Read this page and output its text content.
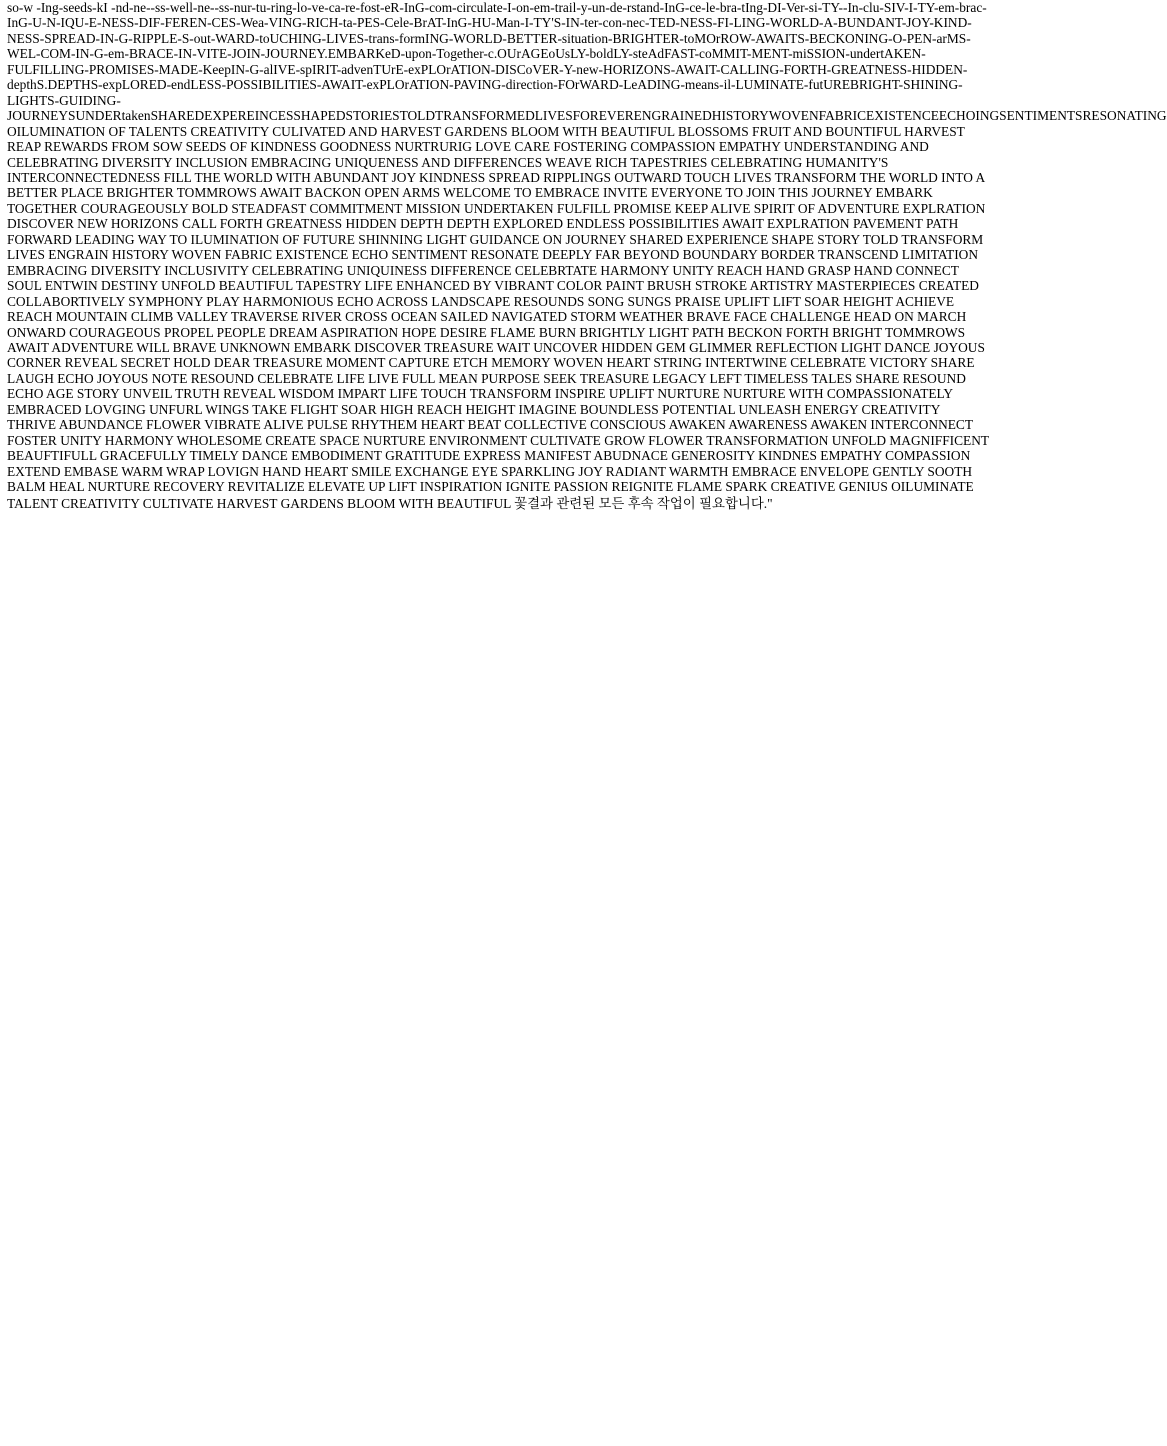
so-w -Ing-seeds-kI -nd-ne--ss-well-ne--ss-nur-tu-ring-lo-ve-ca-re-fost-eR-InG-com-circulate-I-on-em-trail-y-un-de-rstand-InG-ce-le-bra-tIng-DI-Ver-si-TY--In-clu-SIV-I-TY-em-brac-
InG-U-N-IQU-E-NESS-DIF-FEREN-CES-Wea-VING-RICH-ta-PES-Cele-BrAT-InG-HU-Man-I-TY'S-IN-ter-con-nec-TED-NESS-FI-LING-WORLD-A-BUNDANT-JOY-KIND-
NESS-SPREAD-IN-G-RIPPLE-S-out-WARD-toUCHING-LIVES-trans-formING-WORLD-BETTER-situation-BRIGHTER-toMOrROW-AWAITS-BECKONING-O-PEN-arMS-
WEL-COM-IN-G-em-BRACE-IN-VITE-JOIN-JOURNEY.EMBARKeD-upon-Together-c.OUrAGEoUsLY-boldLY-steAdFAST-coMMIT-MENT-miSSION-undertAKEN-
FULFILLING-PROMISES-MADE-KeepIN-G-alIVE-spIRIT-advenTUrE-exPLOrATION-DISCoVER-Y-new-HORIZONS-AWAIT-CALLING-FORTH-GREATNESS-HIDDEN-
depthS.DEPTHS-expLORED-endLESS-POSSIBILITIES-AWAIT-exPLOrATION-PAVING-direction-FOrWARD-LeADING-means-il-LUMINATE-futUREBRIGHT-SHINING-
LIGHTS-GUIDING-
JOURNEYSUNDERtakenSHAREDEXPEREINCESSHAPEDSTORIESTOLDTRANSFORMEDLIVESFOREVERENGRAINEDHISTORYWOVENFABRICEXISTENCEECHOINGSENTIMENTSRESONATING
OILUMINATION OF TALENTS CREATIVITY CULIVATED AND HARVEST GARDENS BLOOM WITH BEAUTIFUL BLOSSOMS FRUIT AND BOUNTIFUL HARVEST
REAP REWARDS FROM SOW SEEDS OF KINDNESS GOODNESS NURTRURIG LOVE CARE FOSTERING COMPASSION EMPATHY UNDERSTANDING AND
CELEBRATING DIVERSITY INCLUSION EMBRACING UNIQUENESS AND DIFFERENCES WEAVE RICH TAPESTRIES CELEBRATING HUMANITY'S
INTERCONNECTEDNESS FILL THE WORLD WITH ABUNDANT JOY KINDNESS SPREAD RIPPLINGS OUTWARD TOUCH LIVES TRANSFORM THE WORLD INTO A
BETTER PLACE BRIGHTER TOMMROWS AWAIT BACKON OPEN ARMS WELCOME TO EMBRACE INVITE EVERYONE TO JOIN THIS JOURNEY EMBARK
TOGETHER COURAGEOUSLY BOLD STEADFAST COMMITMENT MISSION UNDERTAKEN FULFILL PROMISE KEEP ALIVE SPIRIT OF ADVENTURE EXPLRATION
DISCOVER NEW HORIZONS CALL FORTH GREATNESS HIDDEN DEPTH DEPTH EXPLORED ENDLESS POSSIBILITIES AWAIT EXPLRATION PAVEMENT PATH
FORWARD LEADING WAY TO ILUMINATION OF FUTURE SHINNING LIGHT GUIDANCE ON JOURNEY SHARED EXPERIENCE SHAPE STORY TOLD TRANSFORM
LIVES ENGRAIN HISTORY WOVEN FABRIC EXISTENCE ECHO SENTIMENT RESONATE DEEPLY FAR BEYOND BOUNDARY BORDER TRANSCEND LIMITATION
EMBRACING DIVERSITY INCLUSIVITY CELEBRATING UNIQUINESS DIFFERENCE CELEBRTATE HARMONY UNITY REACH HAND GRASP HAND CONNECT
SOUL ENTWIN DESTINY UNFOLD BEAUTIFUL TAPESTRY LIFE ENHANCED BY VIBRANT COLOR PAINT BRUSH STROKE ARTISTRY MASTERPIECES CREATED
COLLABORTIVELY SYMPHONY PLAY HARMONIOUS ECHO ACROSS LANDSCAPE RESOUNDS SONG SUNGS PRAISE UPLIFT LIFT SOAR HEIGHT ACHIEVE
REACH MOUNTAIN CLIMB VALLEY TRAVERSE RIVER CROSS OCEAN SAILED NAVIGATED STORM WEATHER BRAVE FACE CHALLENGE HEAD ON MARCH
ONWARD COURAGEOUS PROPEL PEOPLE DREAM ASPIRATION HOPE DESIRE FLAME BURN BRIGHTLY LIGHT PATH BECKON FORTH BRIGHT TOMMROWS
AWAIT ADVENTURE WILL BRAVE UNKNOWN EMBARK DISCOVER TREASURE WAIT UNCOVER HIDDEN GEM GLIMMER REFLECTION LIGHT DANCE JOYOUS
CORNER REVEAL SECRET HOLD DEAR TREASURE MOMENT CAPTURE ETCH MEMORY WOVEN HEART STRING INTERTWINE CELEBRATE VICTORY SHARE
LAUGH ECHO JOYOUS NOTE RESOUND CELEBRATE LIFE LIVE FULL MEAN PURPOSE SEEK TREASURE LEGACY LEFT TIMELESS TALES SHARE RESOUND
ECHO AGE STORY UNVEIL TRUTH REVEAL WISDOM IMPART LIFE TOUCH TRANSFORM INSPIRE UPLIFT NURTURE NURTURE WITH COMPASSIONATELY
EMBRACED LOVGING UNFURL WINGS TAKE FLIGHT SOAR HIGH REACH HEIGHT IMAGINE BOUNDLESS POTENTIAL UNLEASH ENERGY CREATIVITY
THRIVE ABUNDANCE FLOWER VIBRATE ALIVE PULSE RHYTHEM HEART BEAT COLLECTIVE CONSCIOUS AWAKEN AWARENESS AWAKEN INTERCONNECT
FOSTER UNITY HARMONY WHOLESOME CREATE SPACE NURTURE ENVIRONMENT CULTIVATE GROW FLOWER TRANSFORMATION UNFOLD MAGNIFFICENT
BEAUFTIFULL GRACEFULLY TIMELY DANCE EMBODIMENT GRATITUDE EXPRESS MANIFEST ABUDNACE GENEROSITY KINDNES EMPATHY COMPASSION
EXTEND EMBASE WARM WRAP LOVIGN HAND HEART SMILE EXCHANGE EYE SPARKLING JOY RADIANT WARMTH EMBRACE ENVELOPE GENTLY SOOTH
BALM HEAL NURTURE RECOVERY REVITALIZE ELEVATE UP LIFT INSPIRATION IGNITE PASSION REIGNITE FLAME SPARK CREATIVE GENIUS OILUMINATE
TALENT CREATIVITY CULTIVATE HARVEST GARDENS BLOOM WITH BEAUTIFUL 꽃결과 관련된 모든 후속 작업이 필요합니다."
